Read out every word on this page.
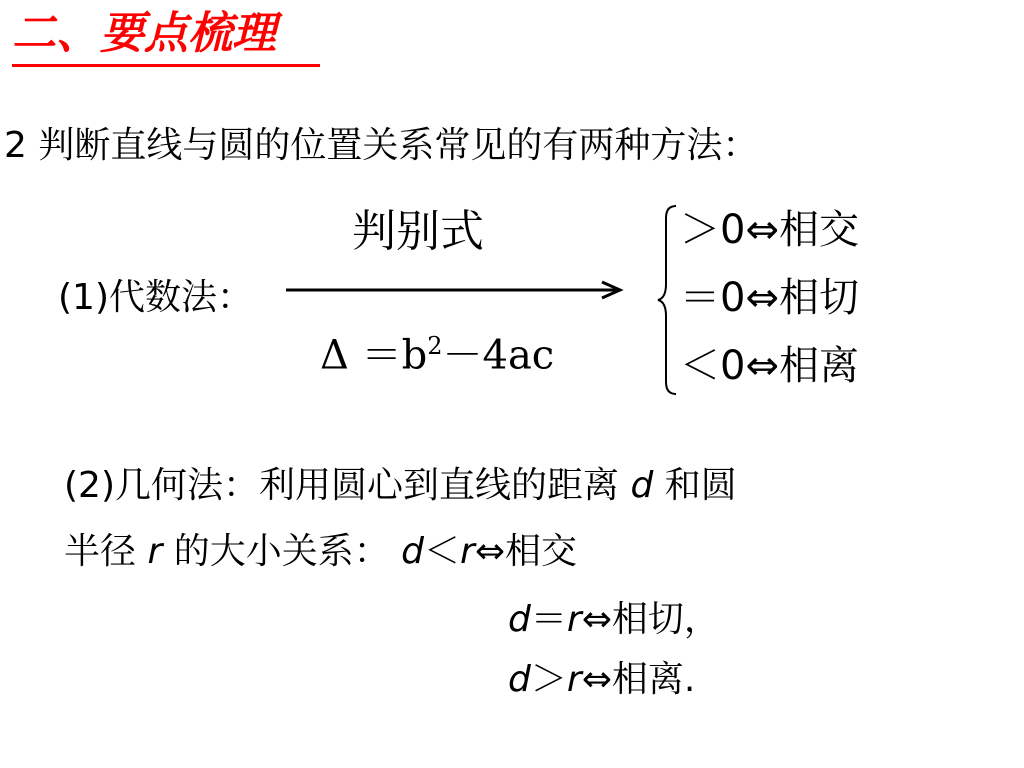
二、要点梳理
2 判断直线与圆的位置关系常见的有两种方法：
(1)代数法：
判别式
$\Delta =b^2-4ac$
＞0⇔相交
＝0⇔相切
＜0⇔相离
(2)几何法：利用圆心到直线的距离 d 和圆
半径 r 的大小关系： d＜r⇔相交
d＝r⇔相切，
d＞r⇔相离.
